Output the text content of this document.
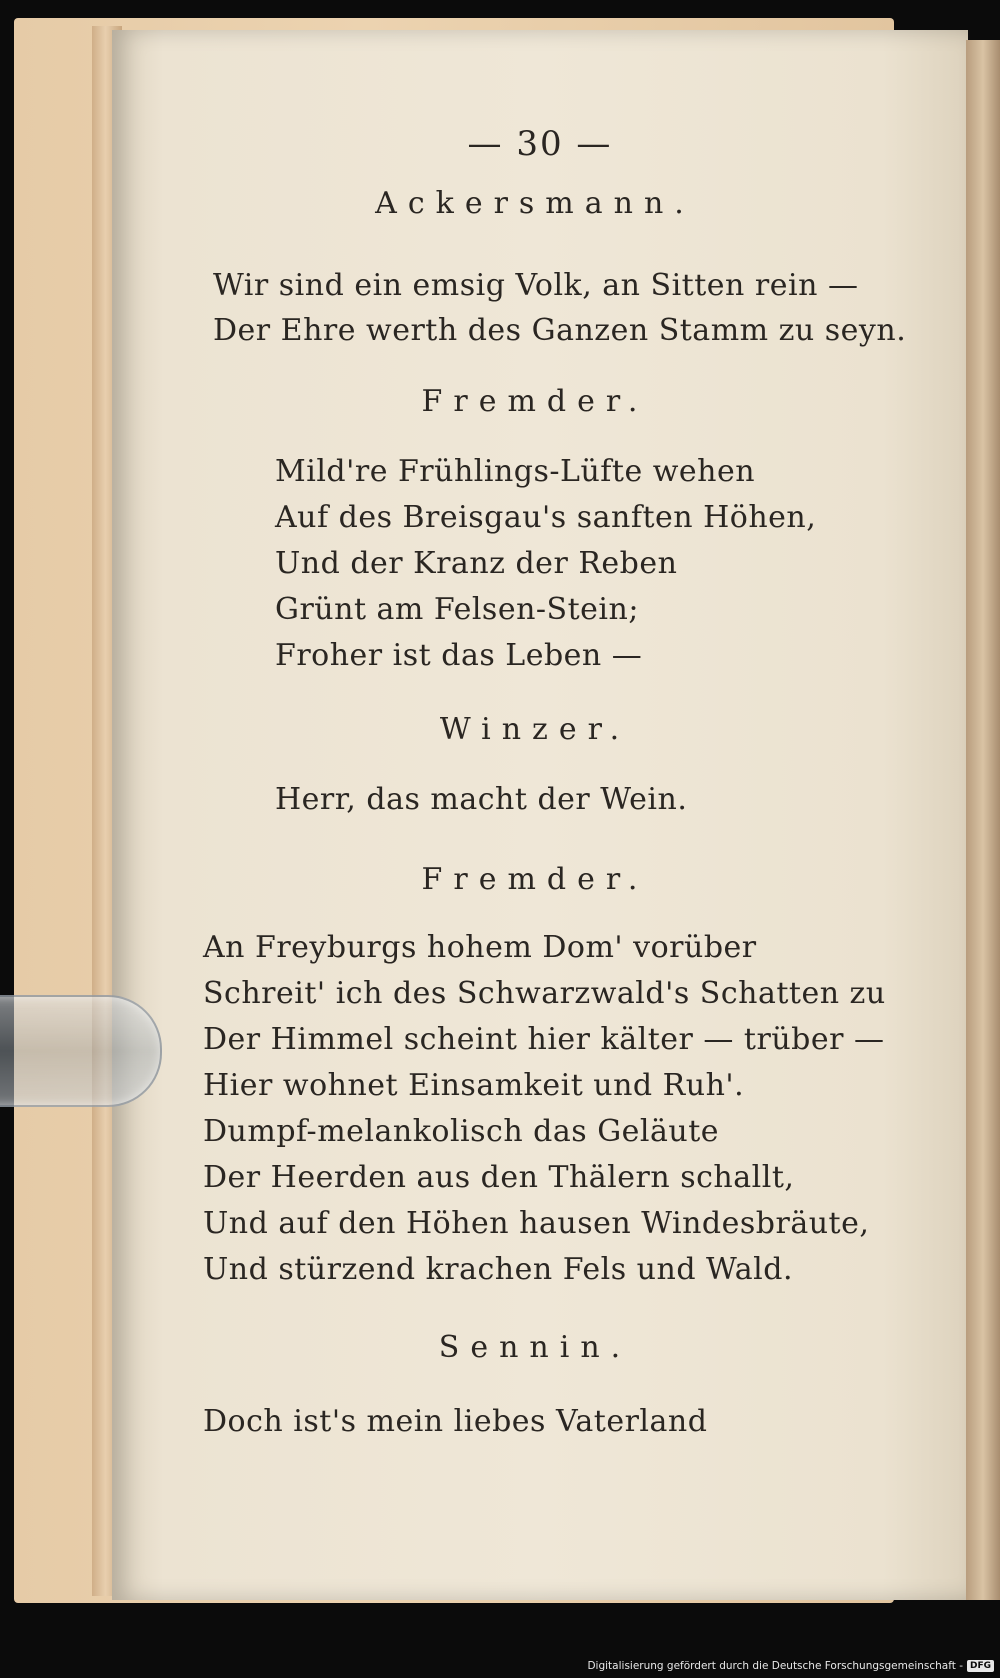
— 30 —
Ackersmann.
Wir sind ein emsig Volk, an Sitten rein —
Der Ehre werth des Ganzen Stamm zu seyn.
Fremder.
Mild're Frühlings-Lüfte wehen
Auf des Breisgau's sanften Höhen,
Und der Kranz der Reben
Grünt am Felsen-Stein;
Froher ist das Leben —
Winzer.
Herr, das macht der Wein.
Fremder.
An Freyburgs hohem Dom' vorüber
Schreit' ich des Schwarzwald's Schatten zu
Der Himmel scheint hier kälter — trüber —
Hier wohnet Einsamkeit und Ruh'.
Dumpf-melankolisch das Geläute
Der Heerden aus den Thälern schallt,
Und auf den Höhen hausen Windesbräute,
Und stürzend krachen Fels und Wald.
Sennin.
Doch ist's mein liebes Vaterland
Digitalisierung gefördert durch die Deutsche Forschungsgemeinschaft - DFG
